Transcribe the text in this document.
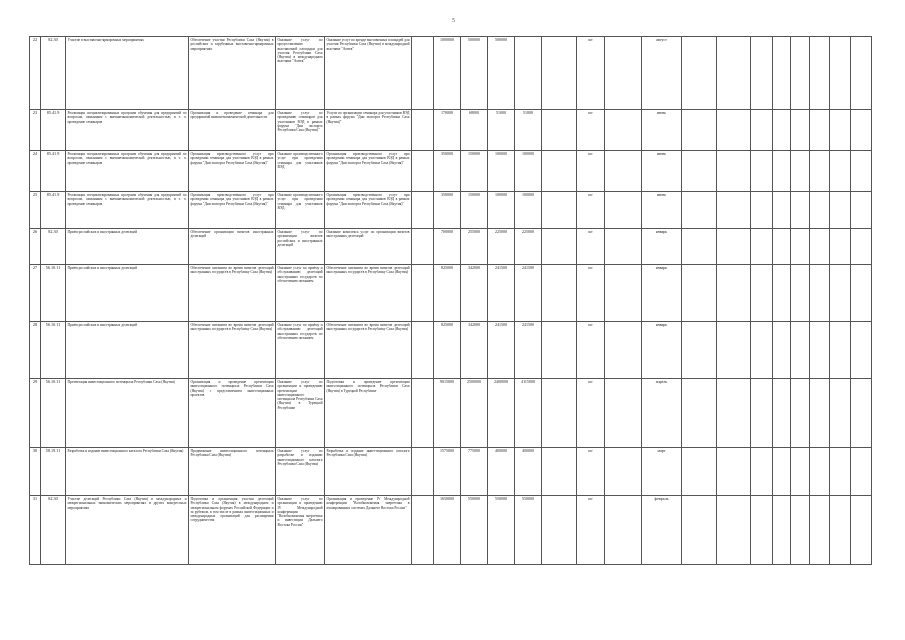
5
22	82.30	Участие в выставочно-ярмарочных мероприятиях	Обеспечение участия Республики Саха (Якутия) в российских и зарубежных выставочно-ярмарочных мероприятиях	Оказание услуг по предоставлению выставочной площадки для участия Республики Саха (Якутия) в международном выставке "Амтек"	Оказание услуг по аренде выставочных площадей для участия Республики Саха (Якутия) в международной выставке "Амтек"		1000000	500000	500000			шт		август								
23	85.41.9	Реализация специализированных программ обучения для предприятий по вопросам, связанным с внешнеэкономической деятельностью, в т. ч. проведение семинаров	Организация и проведение семинара для предприятий внешнеэкономической деятельности	Оказание услуг по проведению семинаров для участников ВЭД в рамках форума "Дни экспорта Республики Саха (Якутия)"	Услуги по организации семинара для участников ВЭД в рамках форума "Дни экспорта Республики Саха (Якутия)"		170000	68000	51000	51000		шт		июнь								
24	85.41.9	Реализация специализированных программ обучения для предприятий по вопросам, связанным с внешнеэкономической деятельностью, в т. ч. проведение семинаров	Организация производственного услуг при проведении семинара для участников ВЭД в рамках форума "Дни экспорта Республики Саха (Якутия)"	Оказание производственного услуг при проведении семинара для участников ВЭД	Организация производственного услуг при проведении семинара для участников ВЭД в рамках форума "Дни экспорта Республики Саха (Якутия)"		350000	150000	100000	100000		шт		июнь								
25	85.41.9	Реализация специализированных программ обучения для предприятий по вопросам, связанным с внешнеэкономической деятельностью, в т. ч. проведение семинаров	Организация производственного услуг при проведении семинара для участников ВЭД в рамках форума "Дни экспорта Республики Саха (Якутия)"	Оказание производственного услуг при проведении семинара для участников ВЭД	Организация производственного услуг при проведении семинара для участников ВЭД в рамках форума "Дни экспорта Республики Саха (Якутия)"		350000	150000	100000	100000		шт		июнь								
26	82.30	Приём российских и иностранных делегаций	Обеспечение организации визитов иностранных делегаций	Оказание услуг по организации визитов российских и иностранных делегаций	Оказание комплекса услуг по организации визитов иностранных делегаций		700000	255000	225000	225000		шт		январь								
27	56.10.11	Приём российских и иностранных делегаций	Обеспечение питанием во время визитов делегаций иностранных государств в Республику Саха (Якутия)	Оказание услуг по приёму и обслуживанию делегаций иностранных государств по обеспечению питанием	Обеспечение питанием во время визитов делегаций иностранных государств в Республику Саха (Якутия)		825000	342000	241500	241500		шт		январь								
28	56.10.11	Приём российских и иностранных делегаций	Обеспечение питанием во время визитов делегаций иностранных государств в Республику Саха (Якутия)	Оказание услуг по приёму и обслуживанию делегаций иностранных государств по обеспечению питанием	Обеспечение питанием во время визитов делегаций иностранных государств в Республику Саха (Якутия)		825000	342000	241500	241500		шт		январь								
29	56.10.11	Презентация инвестиционного потенциала Республики Саха (Якутия)	Организация и проведение презентации инвестиционного потенциала Республики Саха (Якутия) с представлением инвестиционных проектов	Оказание услуг по организации и проведению презентации инвестиционного потенциала Республики Саха (Якутия) в Турецкой Республике	Подготовка и проведение презентации инвестиционного потенциала Республики Саха (Якутия) в Турецкой Республике		9015000	2500000	2400000	4115000		шт		апрель								
30	58.19.11	Разработка и издание инвестиционного каталога Республики Саха (Якутия)	Продвижение инвестиционного потенциала Республики Саха (Якутия)	Оказание услуг по разработке и изданию инвестиционного каталога Республики Саха (Якутия)	Разработка и издание инвестиционного каталога Республики Саха (Якутия)		1575000	775000	400000	400000		шт		март								
31	82.30	Участие делегаций Республики Саха (Якутия) в международных и межрегиональных экономических мероприятиях и других конгрессных мероприятиях	Подготовка и организация участия делегаций Республики Саха (Якутия) в международном и межрегиональном форумах Российской Федерации и за рубежом, в том числе в рамках инвестиционных и международных организаций для расширения сотрудничества	Оказание услуг по организации и проведению IV Международной конференции "Возобновляемая энергетика и инвестиции Дальнего Востока России"	Организация и проведение IV Международной конференции "Возобновляемая энергетика в изолированных системах Дальнего Востока России"		1650000	550000	550000	550000		шт		февраль								
